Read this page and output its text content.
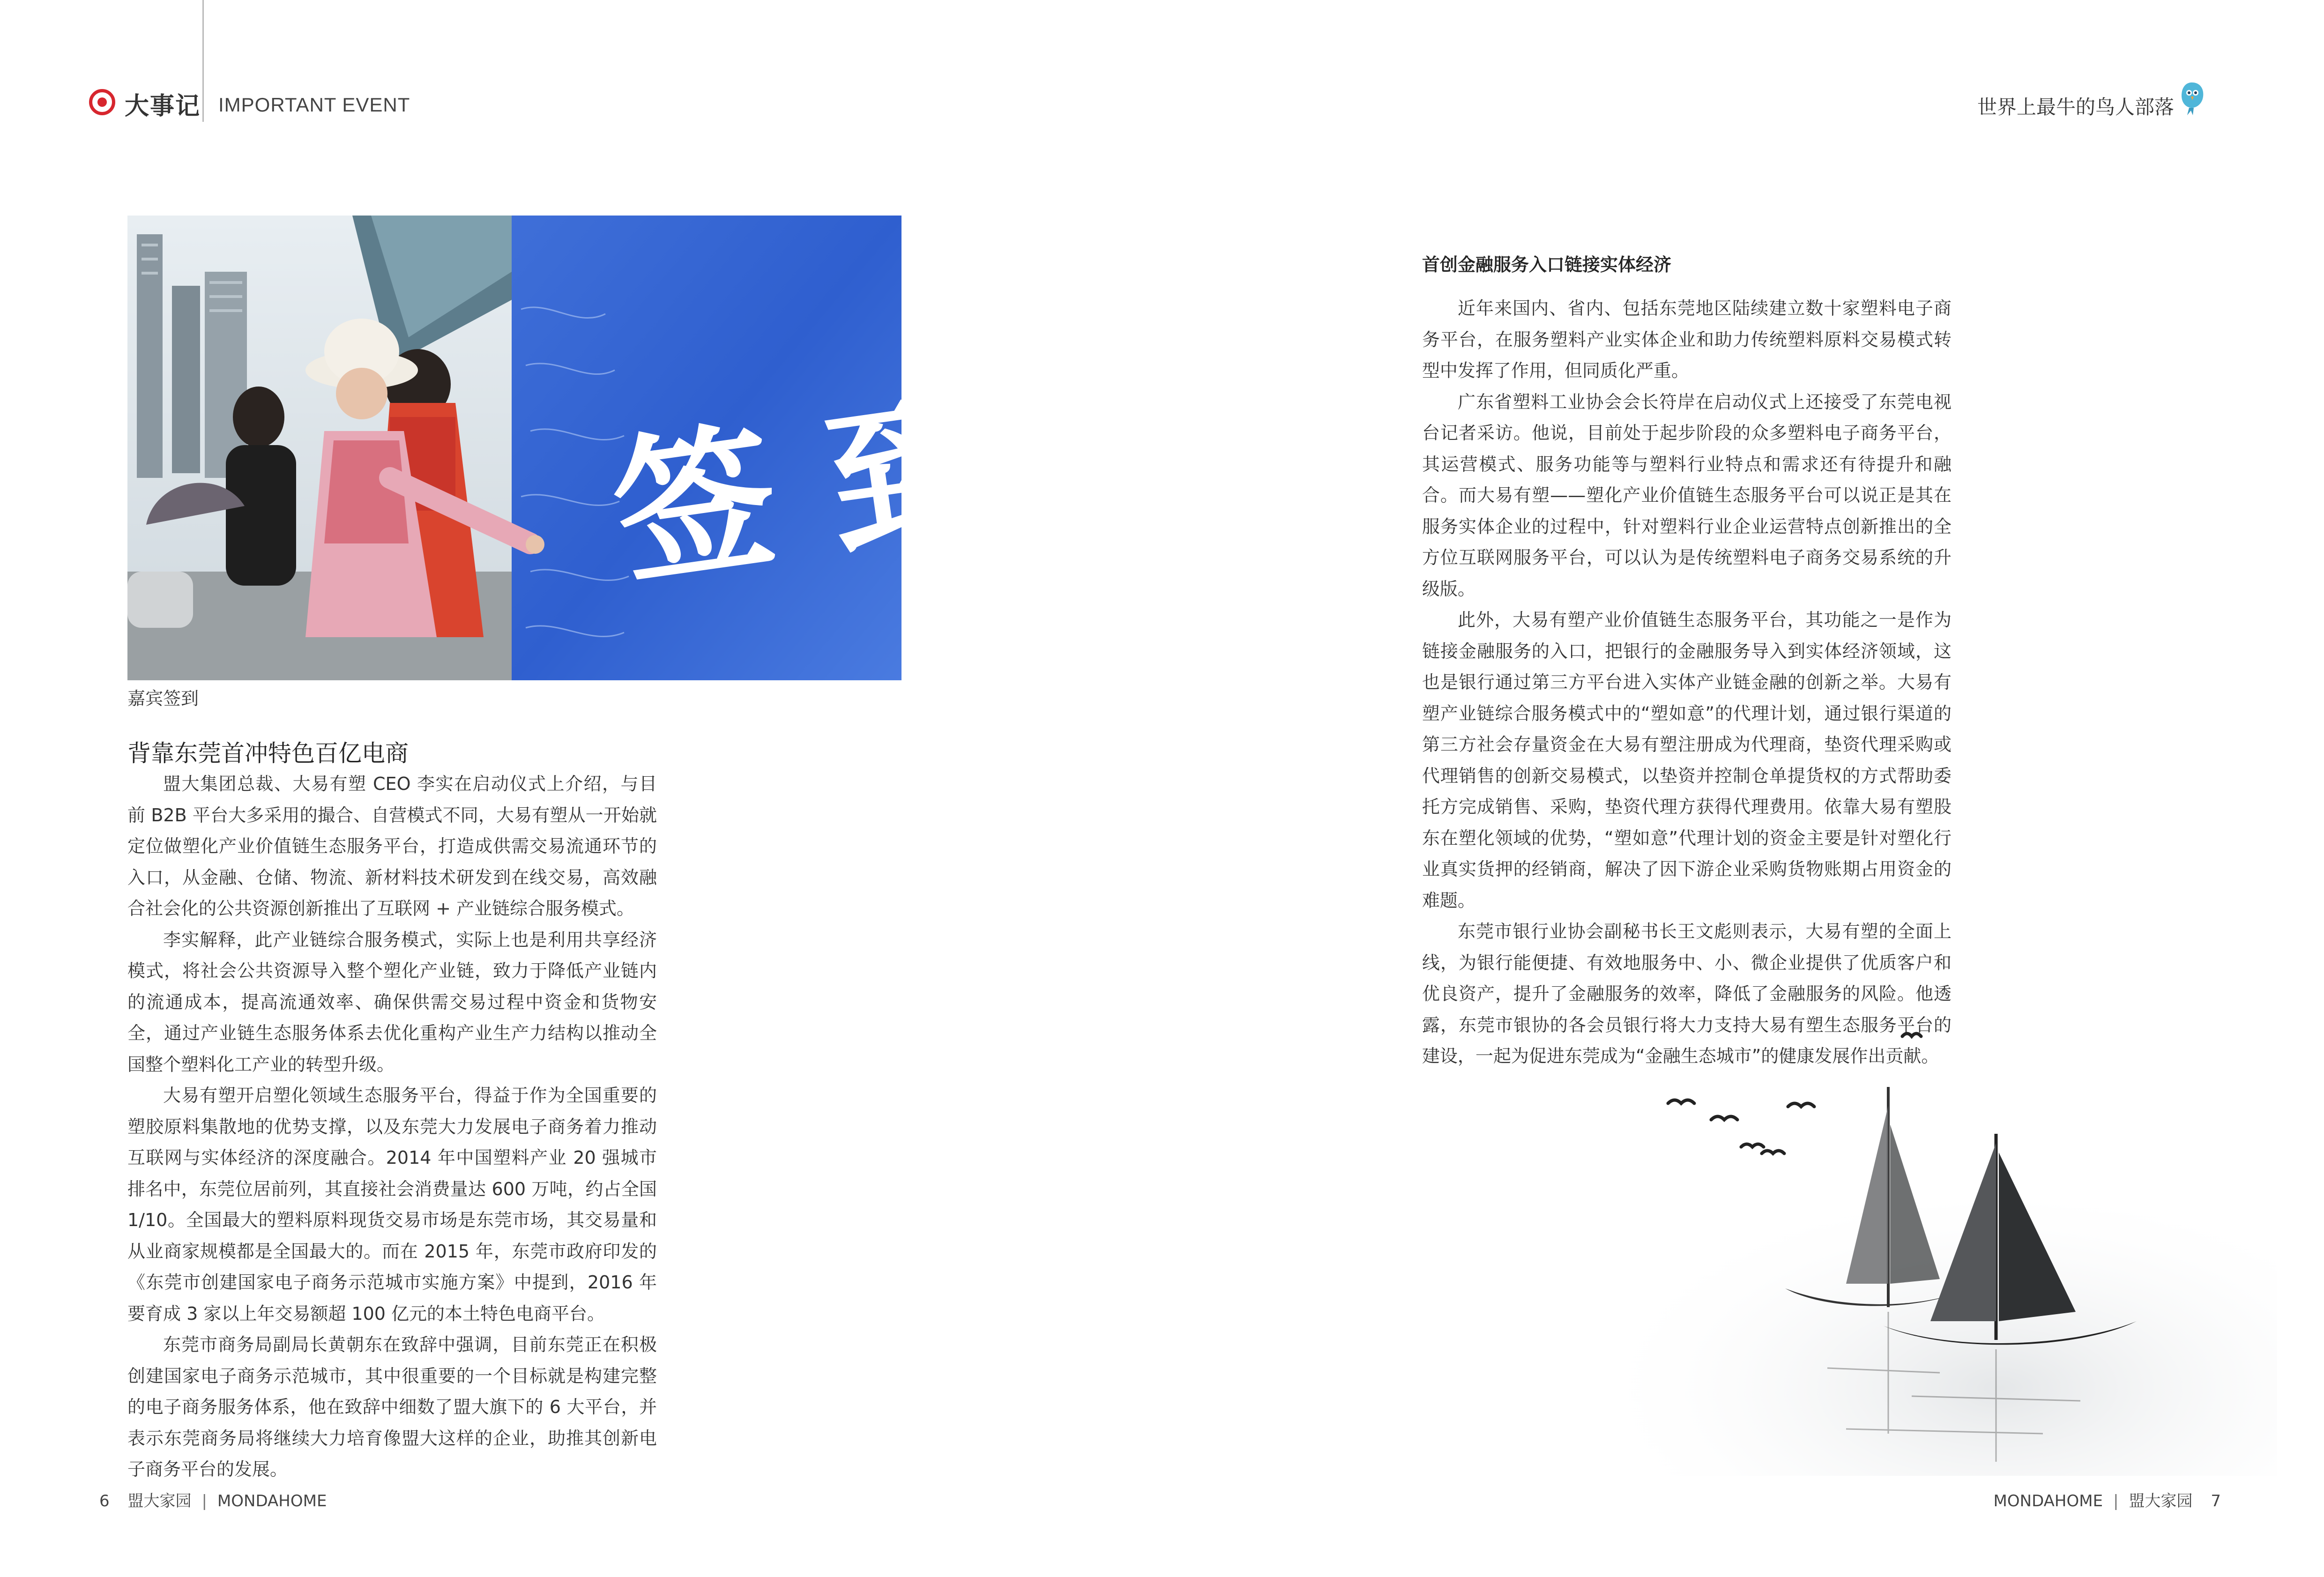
大事记 IMPORTANT EVENT	世界上最牛的鸟人部落
签 到
嘉宾签到
背靠东莞首冲特色百亿电商

盟大集团总裁、大易有塑 CEO 李实在启动仪式上介绍，与目前 B2B 平台大多采用的撮合、自营模式不同，大易有塑从一开始就定位做塑化产业价值链生态服务平台，打造成供需交易流通环节的入口，从金融、仓储、物流、新材料技术研发到在线交易，高效融合社会化的公共资源创新推出了互联网 + 产业链综合服务模式。

李实解释，此产业链综合服务模式，实际上也是利用共享经济模式，将社会公共资源导入整个塑化产业链，致力于降低产业链内的流通成本，提高流通效率、确保供需交易过程中资金和货物安全，通过产业链生态服务体系去优化重构产业生产力结构以推动全国整个塑料化工产业的转型升级。

大易有塑开启塑化领域生态服务平台，得益于作为全国重要的塑胶原料集散地的优势支撑，以及东莞大力发展电子商务着力推动互联网与实体经济的深度融合。2014 年中国塑料产业 20 强城市排名中，东莞位居前列，其直接社会消费量达 600 万吨，约占全国 1/10。全国最大的塑料原料现货交易市场是东莞市场，其交易量和从业商家规模都是全国最大的。而在 2015 年，东莞市政府印发的《东莞市创建国家电子商务示范城市实施方案》中提到，2016 年要育成 3 家以上年交易额超 100 亿元的本土特色电商平台。

东莞市商务局副局长黄朝东在致辞中强调，目前东莞正在积极创建国家电子商务示范城市，其中很重要的一个目标就是构建完整的电子商务服务体系，他在致辞中细数了盟大旗下的 6 大平台，并表示东莞商务局将继续大力培育像盟大这样的企业，助推其创新电子商务平台的发展。

首创金融服务入口链接实体经济

近年来国内、省内、包括东莞地区陆续建立数十家塑料电子商务平台，在服务塑料产业实体企业和助力传统塑料原料交易模式转型中发挥了作用，但同质化严重。

广东省塑料工业协会会长符岸在启动仪式上还接受了东莞电视台记者采访。他说，目前处于起步阶段的众多塑料电子商务平台，其运营模式、服务功能等与塑料行业特点和需求还有待提升和融合。而大易有塑——塑化产业价值链生态服务平台可以说正是其在服务实体企业的过程中，针对塑料行业企业运营特点创新推出的全方位互联网服务平台，可以认为是传统塑料电子商务交易系统的升级版。

此外，大易有塑产业价值链生态服务平台，其功能之一是作为链接金融服务的入口，把银行的金融服务导入到实体经济领域，这也是银行通过第三方平台进入实体产业链金融的创新之举。大易有塑产业链综合服务模式中的“塑如意”的代理计划，通过银行渠道的第三方社会存量资金在大易有塑注册成为代理商，垫资代理采购或代理销售的创新交易模式，以垫资并控制仓单提货权的方式帮助委托方完成销售、采购，垫资代理方获得代理费用。依靠大易有塑股东在塑化领域的优势，“塑如意”代理计划的资金主要是针对塑化行业真实货押的经销商，解决了因下游企业采购货物账期占用资金的难题。

东莞市银行业协会副秘书长王文彪则表示，大易有塑的全面上线，为银行能便捷、有效地服务中、小、微企业提供了优质客户和优良资产，提升了金融服务的效率，降低了金融服务的风险。他透露，东莞市银协的各会员银行将大力支持大易有塑生态服务平台的建设，一起为促进东莞成为“金融生态城市”的健康发展作出贡献。

6 盟大家园 | MONDAHOME	MONDAHOME | 盟大家园 7
